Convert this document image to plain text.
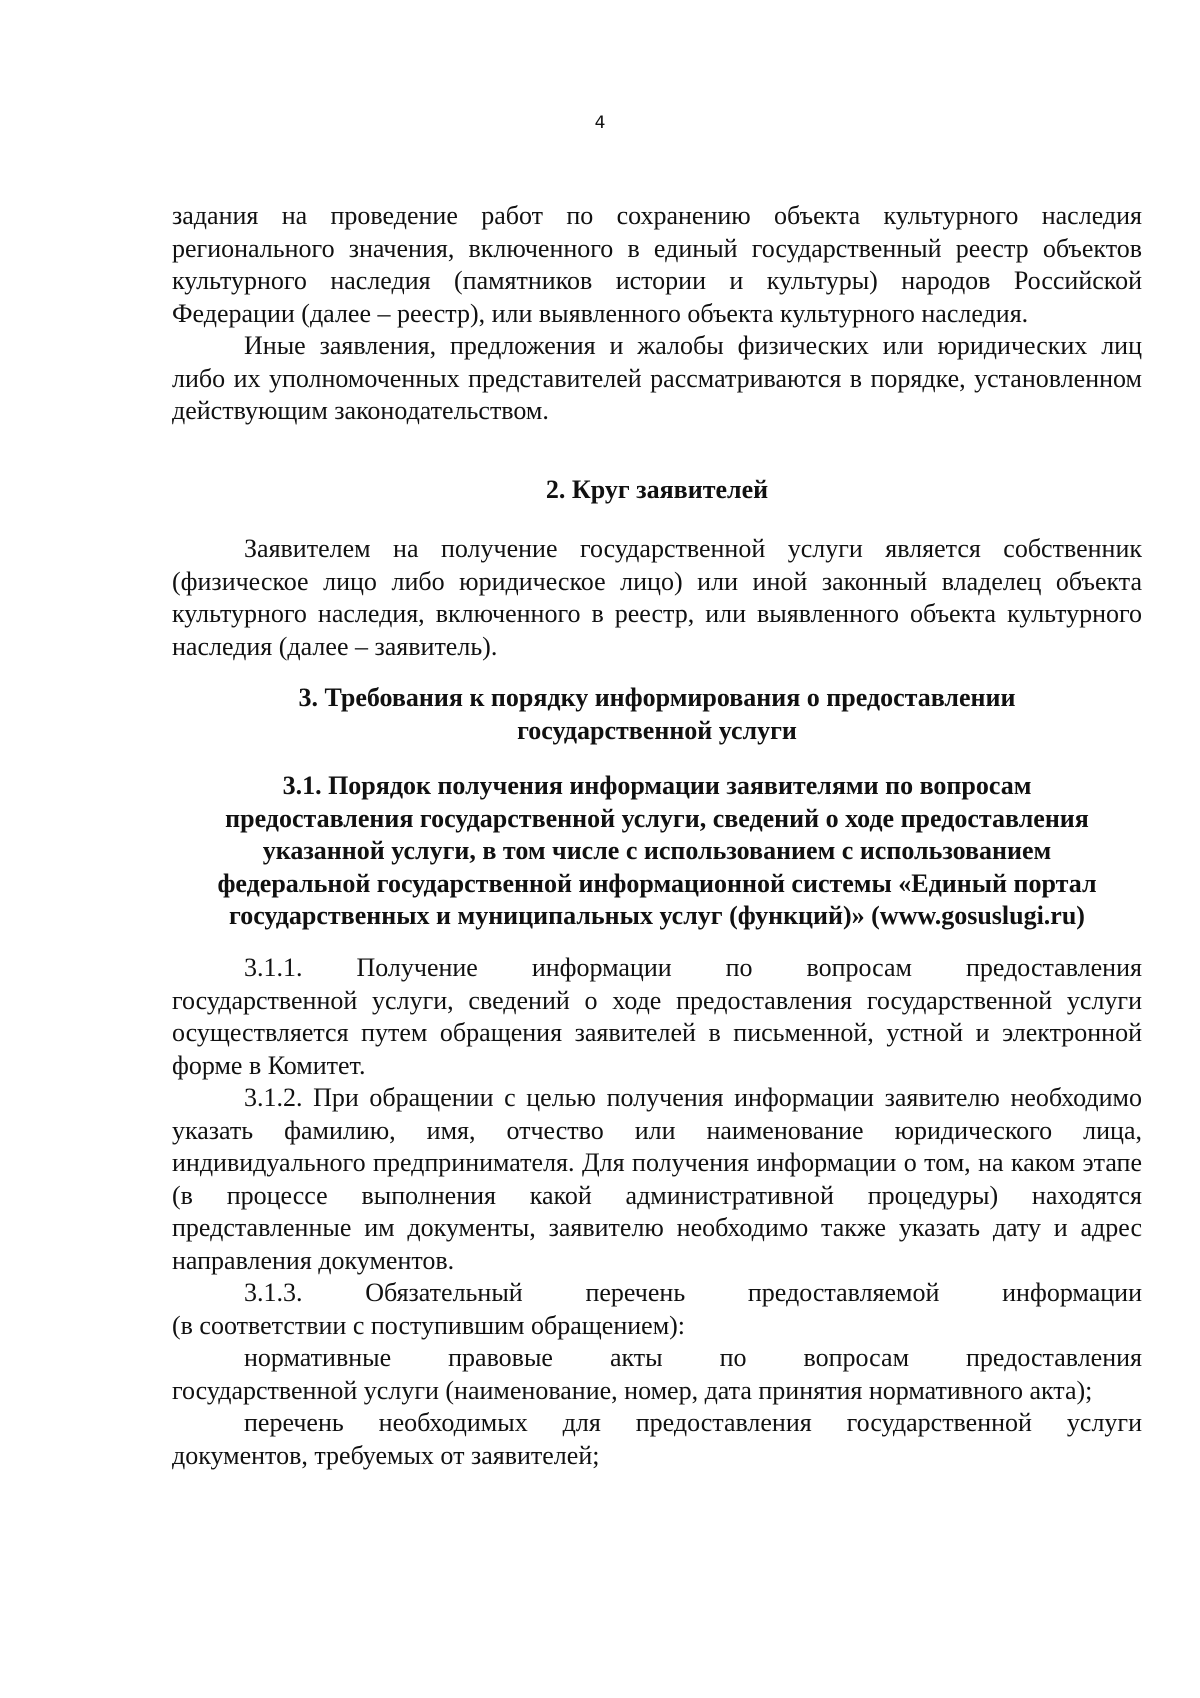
4

задания на проведение работ по сохранению объекта культурного наследия регионального значения, включенного в единый государственный реестр объектов культурного наследия (памятников истории и культуры) народов Российской Федерации (далее – реестр), или выявленного объекта культурного наследия.

Иные заявления, предложения и жалобы физических или юридических лиц либо их уполномоченных представителей рассматриваются в порядке, установленном действующим законодательством.

2. Круг заявителей

Заявителем на получение государственной услуги является собственник (физическое лицо либо юридическое лицо) или иной законный владелец объекта культурного наследия, включенного в реестр, или выявленного объекта культурного наследия (далее – заявитель).

3. Требования к порядку информирования о предоставлении
государственной услуги
3.1. Порядок получения информации заявителями по вопросам
предоставления государственной услуги, сведений о ходе предоставления
указанной услуги, в том числе с использованием с использованием
федеральной государственной информационной системы «Единый портал
государственных и муниципальных услуг (функций)» (www.gosuslugi.ru)
3.1.1. Получение информации по вопросам предоставления

государственной услуги, сведений о ходе предоставления государственной услуги осуществляется путем обращения заявителей в письменной, устной и электронной форме в Комитет.

3.1.2. При обращении с целью получения информации заявителю необходимо указать фамилию, имя, отчество или наименование юридического лица, индивидуального предпринимателя. Для получения информации о том, на каком этапе (в процессе выполнения какой административной процедуры) находятся представленные им документы, заявителю необходимо также указать дату и адрес направления документов.

3.1.3. Обязательный перечень предоставляемой информации

(в соответствии с поступившим обращением):

нормативные правовые акты по вопросам предоставления

государственной услуги (наименование, номер, дата принятия нормативного акта);

перечень необходимых для предоставления государственной услуги документов, требуемых от заявителей;
